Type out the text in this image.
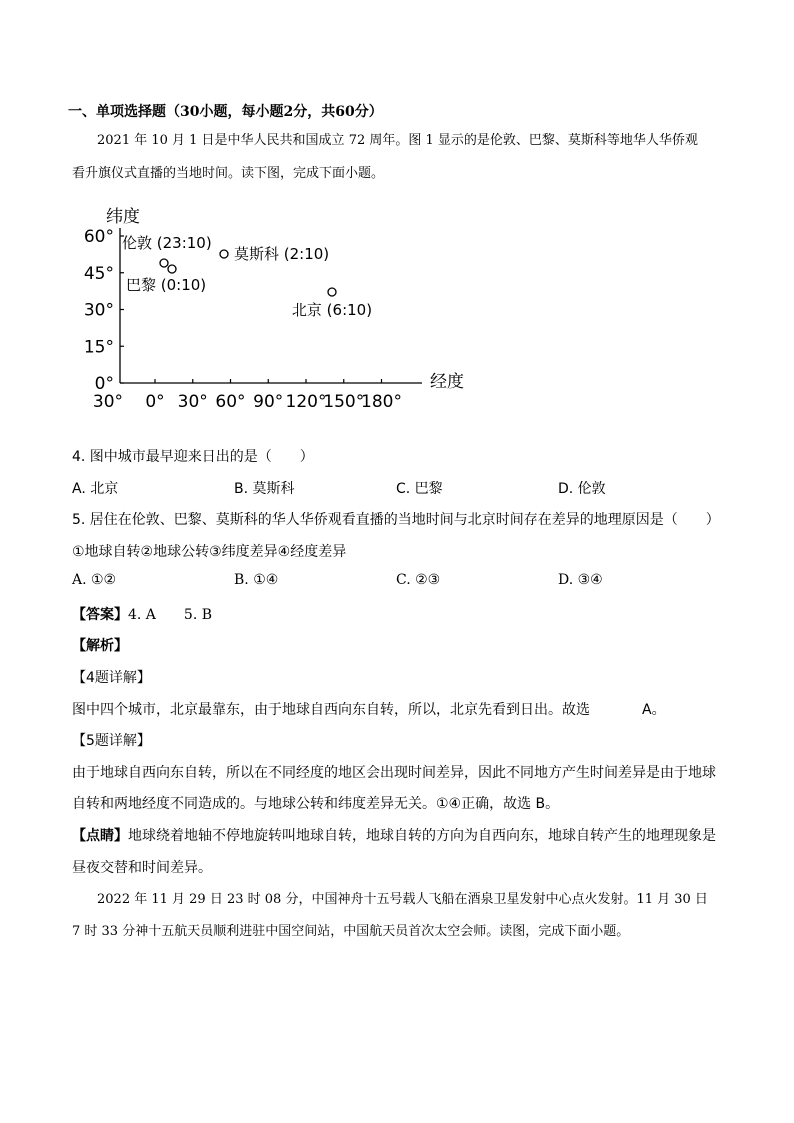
一、单项选择题（30小题，每小题2分，共60分）
2021 年 10 月 1 日是中华人民共和国成立 72 周年。图 1 显示的是伦敦、巴黎、莫斯科等地华人华侨观
看升旗仪式直播的当地时间。读下图，完成下面小题。
60°
45°
30°
15°
0°
30° 0° 30° 60° 90° 120°
150°
180°
伦敦 (23:10)
巴黎 (0:10)
莫斯科 (2:10)
北京 (6:10)
纬度
经度
4. 图中城市最早迎来日出的是（　　）
A. 北京	B. 莫斯科	C. 巴黎	D. 伦敦
5. 居住在伦敦、巴黎、莫斯科的华人华侨观看直播的当地时间与北京时间存在差异的地理原因是（　　）
①地球自转②地球公转③纬度差异④经度差异
A. ①②	B. ①④	C. ②③	D. ③④
【答案】4. A　　5. B
【解析】
【4题详解】
图中四个城市，北京最靠东，由于地球自西向东自转，所以，北京先看到日出。故选	A。
【5题详解】
由于地球自西向东自转，所以在不同经度的地区会出现时间差异，因此不同地方产生时间差异是由于地球
自转和两地经度不同造成的。与地球公转和纬度差异无关。①④正确，故选 B。
【点睛】地球绕着地轴不停地旋转叫地球自转，地球自转的方向为自西向东，地球自转产生的地理现象是
昼夜交替和时间差异。
2022 年 11 月 29 日 23 时 08 分，中国神舟十五号载人飞船在酒泉卫星发射中心点火发射。11 月 30 日
7 时 33 分神十五航天员顺利进驻中国空间站，中国航天员首次太空会师。读图，完成下面小题。
